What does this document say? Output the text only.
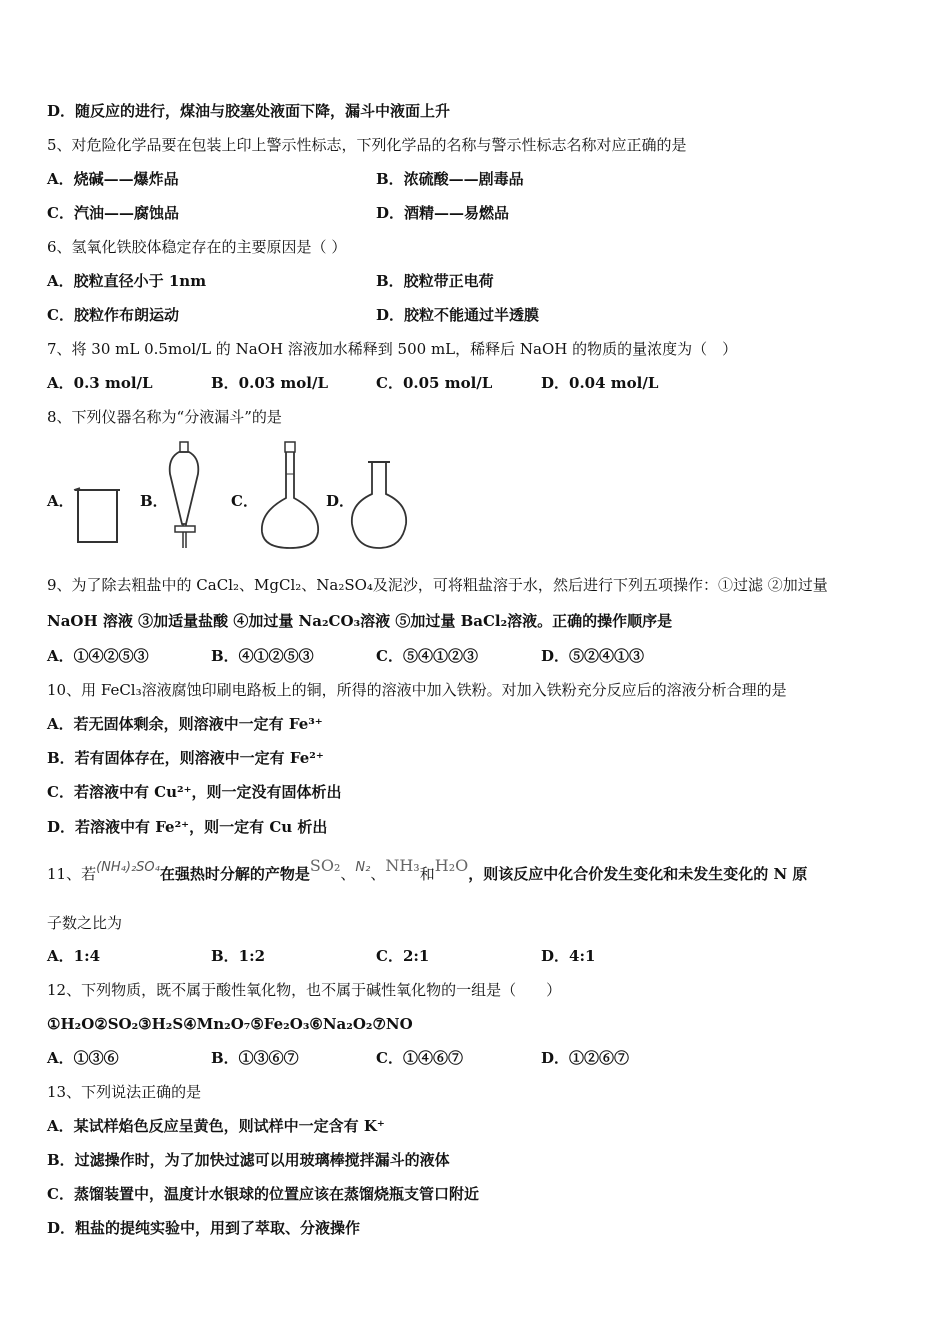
D．随反应的进行，煤油与胶塞处液面下降，漏斗中液面上升
5、对危险化学品要在包装上印上警示性标志，下列化学品的名称与警示性标志名称对应正确的是
A．烧碱——爆炸品	B．浓硫酸——剧毒品
C．汽油——腐蚀品	D．酒精——易燃品
6、氢氧化铁胶体稳定存在的主要原因是（ ）
A．胶粒直径小于 1nm	B．胶粒带正电荷
C．胶粒作布朗运动	D．胶粒不能通过半透膜
7、将 30 mL 0.5mol/L 的 NaOH 溶液加水稀释到 500 mL，稀释后 NaOH 的物质的量浓度为（　）
A．0.3 mol/L	B．0.03 mol/L	C．0.05 mol/L	D．0.04 mol/L
8、下列仪器名称为“分液漏斗”的是
A．	B．	C．	D．
9、为了除去粗盐中的 CaCl₂、MgCl₂、Na₂SO₄及泥沙，可将粗盐溶于水，然后进行下列五项操作：①过滤 ②加过量
NaOH 溶液 ③加适量盐酸 ④加过量 Na₂CO₃溶液 ⑤加过量 BaCl₂溶液。正确的操作顺序是
A．①④②⑤③	B．④①②⑤③	C．⑤④①②③	D．⑤②④①③
10、用 FeCl₃溶液腐蚀印刷电路板上的铜，所得的溶液中加入铁粉。对加入铁粉充分反应后的溶液分析合理的是
A．若无固体剩余，则溶液中一定有 Fe³⁺
B．若有固体存在，则溶液中一定有 Fe²⁺
C．若溶液中有 Cu²⁺，则一定没有固体析出
D．若溶液中有 Fe²⁺，则一定有 Cu 析出
11、若(NH₄)₂SO₄在强热时分解的产物是SO₂、N₂、NH₃和H₂O，则该反应中化合价发生变化和未发生变化的 N 原
子数之比为
A．1:4	B．1:2	C．2:1	D．4:1
12、下列物质，既不属于酸性氧化物，也不属于碱性氧化物的一组是（　　）
①H₂O②SO₂③H₂S④Mn₂O₇⑤Fe₂O₃⑥Na₂O₂⑦NO
A．①③⑥	B．①③⑥⑦	C．①④⑥⑦	D．①②⑥⑦
13、下列说法正确的是
A．某试样焰色反应呈黄色，则试样中一定含有 K⁺
B．过滤操作时，为了加快过滤可以用玻璃棒搅拌漏斗的液体
C．蒸馏装置中，温度计水银球的位置应该在蒸馏烧瓶支管口附近
D．粗盐的提纯实验中，用到了萃取、分液操作
